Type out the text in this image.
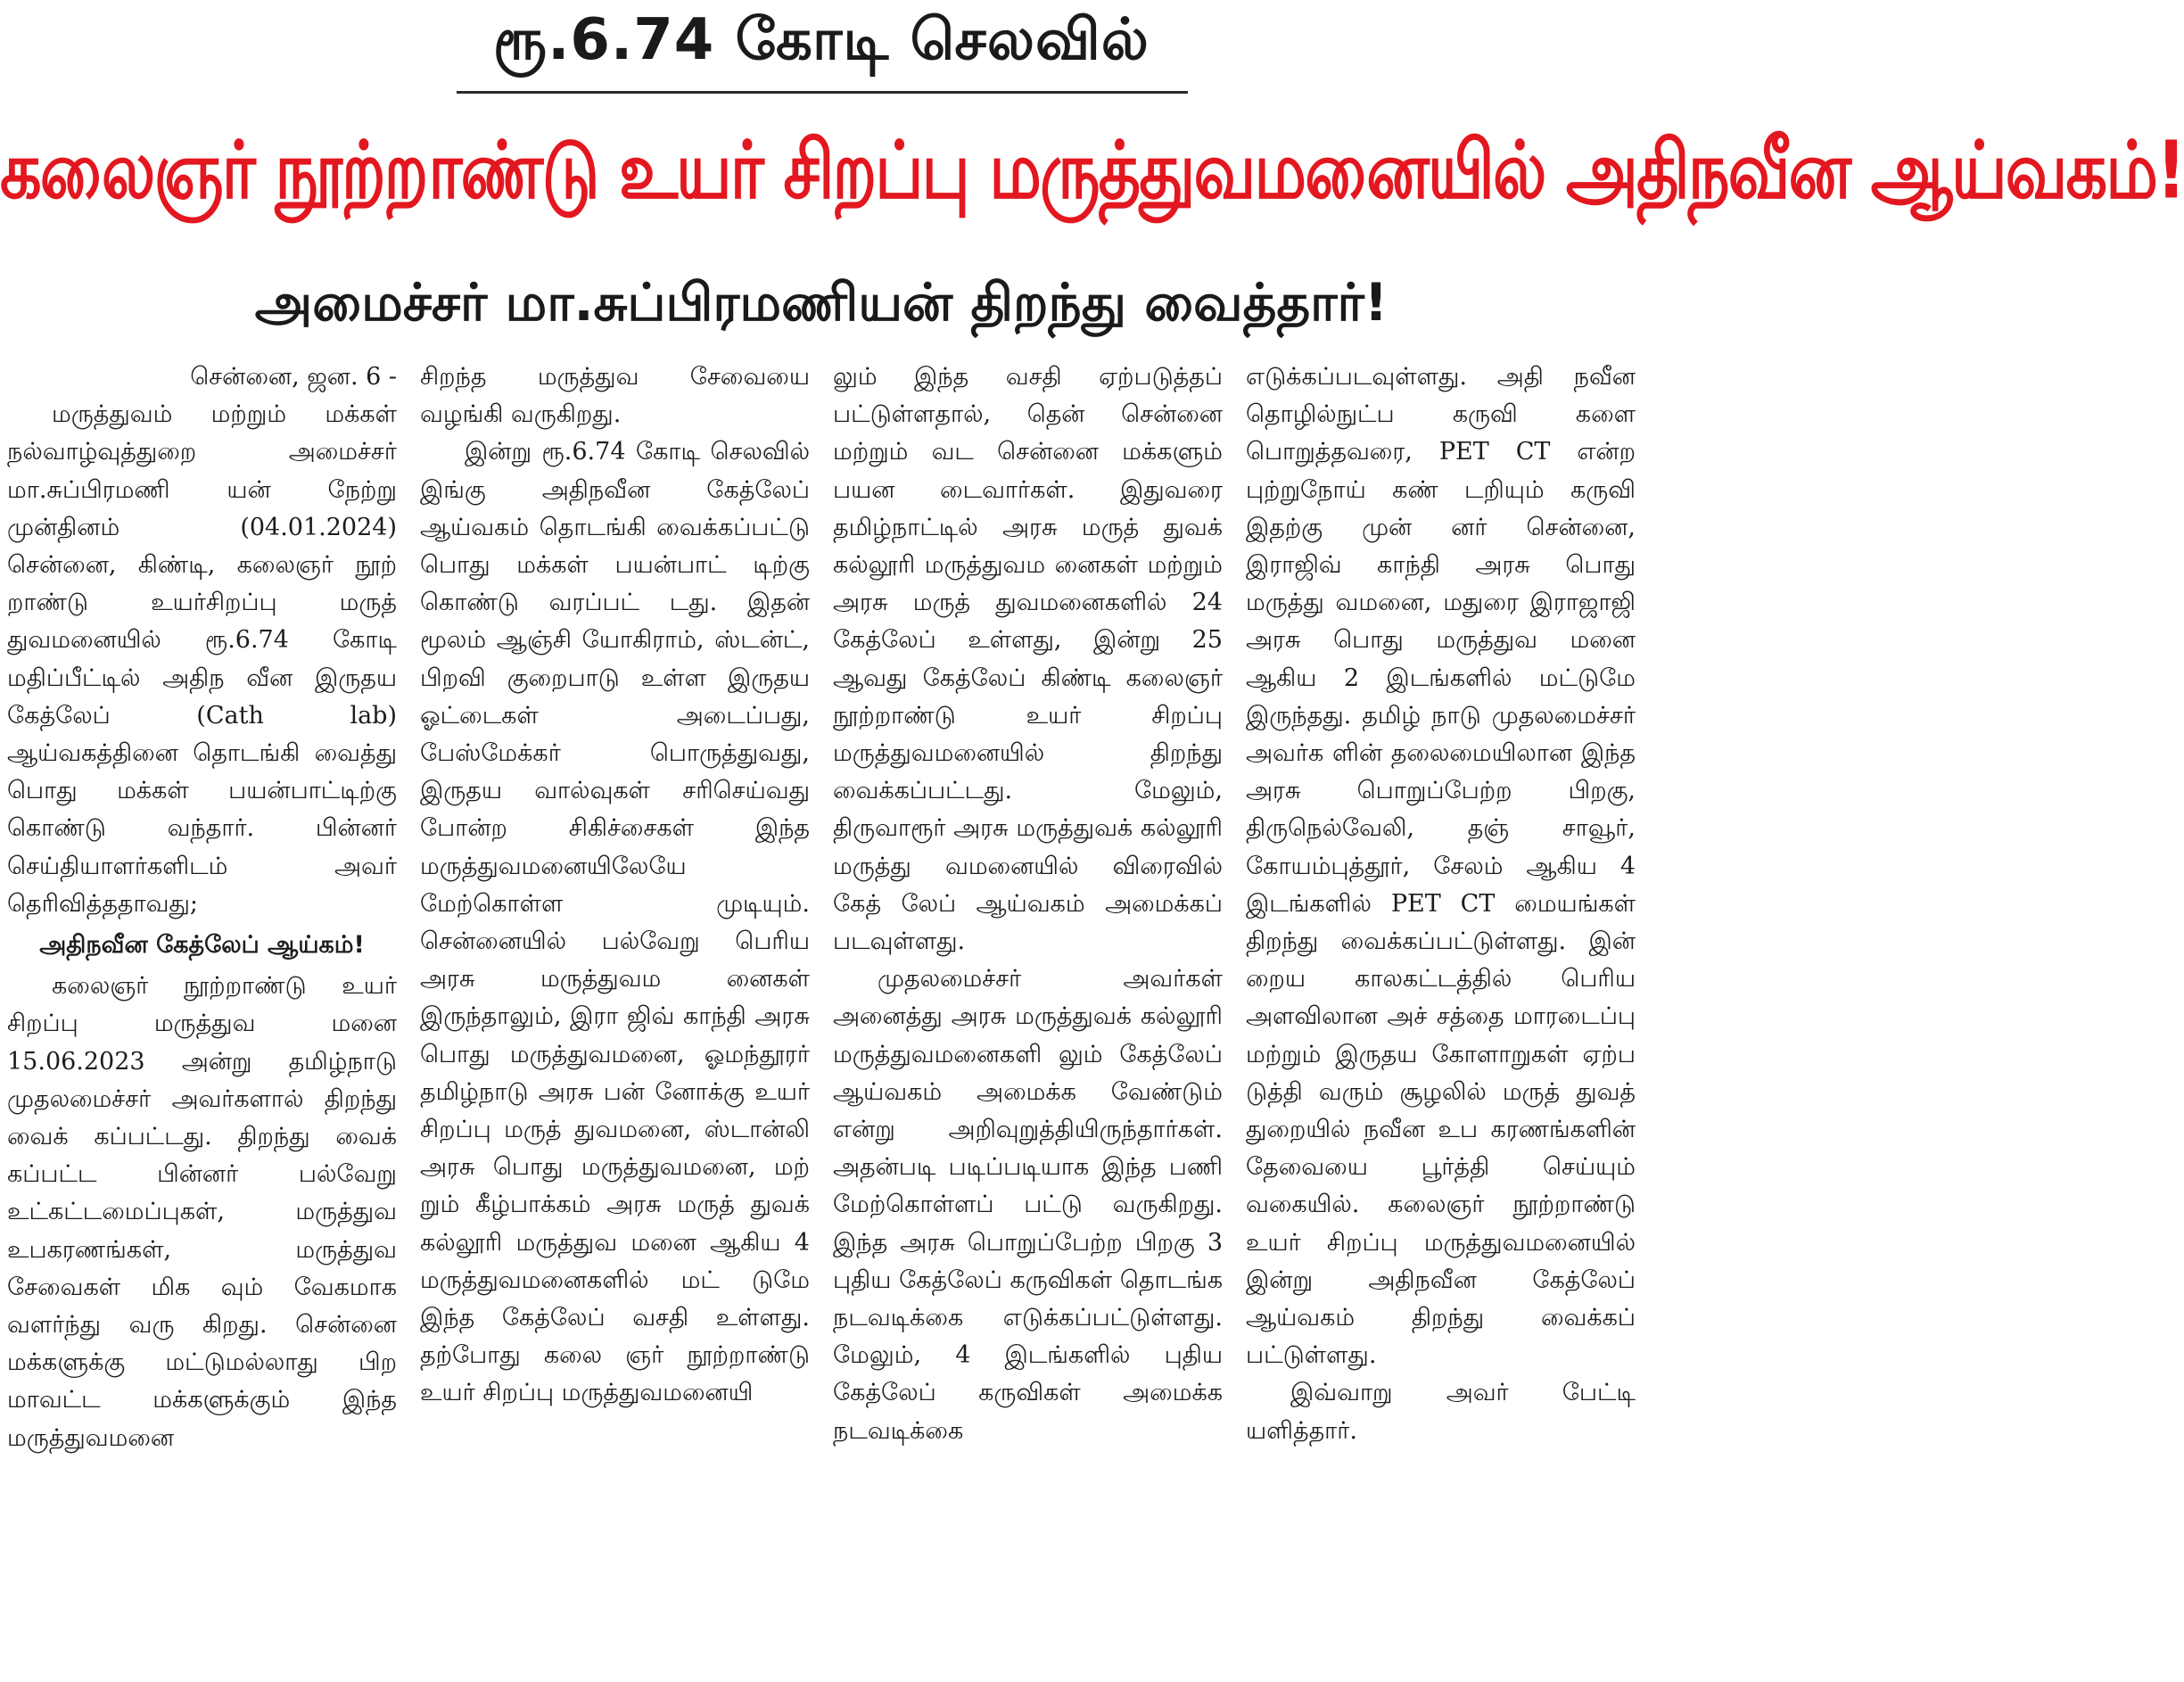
ரூ.6.74 கோடி செலவில்
கலைஞர் நூற்றாண்டு உயர் சிறப்பு மருத்துவமனையில் அதிநவீன ஆய்வகம்!
அமைச்சர் மா.சுப்பிரமணியன் திறந்து வைத்தார்!

சென்னை, ஜன. 6 -

மருத்துவம் மற்றும் மக்கள் நல்வாழ்வுத்துறை அமைச்சர் மா.சுப்பிரமணி யன் நேற்று முன்தினம் (04.01.2024) சென்னை, கிண்டி, கலைஞர் நூற் றாண்டு உயர்சிறப்பு மருத் துவமனையில் ரூ.6.74 கோடி மதிப்பீட்டில் அதிந வீன இருதய கேத்லேப் (Cath lab) ஆய்வகத்தினை தொடங்கி வைத்து பொது மக்கள் பயன்பாட்டிற்கு கொண்டு வந்தார். பின்னர் செய்தியாளர்களிடம் அவர் தெரிவித்ததாவது;

அதிநவீன கேத்லேப் ஆய்கம்!

கலைஞர் நூற்றாண்டு உயர் சிறப்பு மருத்துவ மனை 15.06.2023 அன்று தமிழ்நாடு முதலமைச்சர் அவர்களால் திறந்து வைக் கப்பட்டது. திறந்து வைக் கப்பட்ட பின்னர் பல்வேறு உட்கட்டமைப்புகள், மருத்துவ உபகரணங்கள், மருத்துவ சேவைகள் மிக வும் வேகமாக வளர்ந்து வரு கிறது. சென்னை மக்களுக்கு மட்டுமல்லாது பிற மாவட்ட மக்களுக்கும் இந்த மருத்துவமனை

சிறந்த மருத்துவ சேவையை வழங்கி வருகிறது.

இன்று ரூ.6.74 கோடி செலவில் இங்கு அதிநவீன கேத்லேப் ஆய்வகம் தொடங்கி வைக்கப்பட்டு பொது மக்கள் பயன்பாட் டிற்கு கொண்டு வரப்பட் டது. இதன் மூலம் ஆஞ்சி யோகிராம், ஸ்டன்ட், பிறவி குறைபாடு உள்ள இருதய ஓட்டைகள் அடைப்பது, பேஸ்மேக்கர் பொருத்துவது, இருதய வால்வுகள் சரிசெய்வது போன்ற சிகிச்சைகள் இந்த மருத்துவமனையிலேயே மேற்கொள்ள முடியும். சென்னையில் பல்வேறு பெரிய அரசு மருத்துவம னைகள் இருந்தாலும், இரா ஜிவ் காந்தி அரசு பொது மருத்துவமனை, ஓமந்தூரர் தமிழ்நாடு அரசு பன் னோக்கு உயர் சிறப்பு மருத் துவமனை, ஸ்டான்லி அரசு பொது மருத்துவமனை, மற் றும் கீழ்பாக்கம் அரசு மருத் துவக் கல்லூரி மருத்துவ மனை ஆகிய 4 மருத்துவமனைகளில் மட் டுமே இந்த கேத்லேப் வசதி உள்ளது. தற்போது கலை ஞர் நூற்றாண்டு உயர் சிறப்பு மருத்துவமனையி

லும் இந்த வசதி ஏற்படுத்தப் பட்டுள்ளதால், தென் சென்னை மற்றும் வட சென்னை மக்களும் பயன டைவார்கள். இதுவரை தமிழ்நாட்டில் அரசு மருத் துவக் கல்லூரி மருத்துவம னைகள் மற்றும் அரசு மருத் துவமனைகளில் 24 கேத்லேப் உள்ளது, இன்று 25 ஆவது கேத்லேப் கிண்டி கலைஞர் நூற்றாண்டு உயர் சிறப்பு மருத்துவமனையில் திறந்து வைக்கப்பட்டது. மேலும், திருவாரூர் அரசு மருத்துவக் கல்லூரி மருத்து வமனையில் விரைவில் கேத் லேப் ஆய்வகம் அமைக்கப் படவுள்ளது.

முதலமைச்சர் அவர்கள் அனைத்து அரசு மருத்துவக் கல்லூரி மருத்துவமனைகளி லும் கேத்லேப் ஆய்வகம் அமைக்க வேண்டும் என்று அறிவுறுத்தியிருந்தார்கள். அதன்படி படிப்படியாக இந்த பணி மேற்கொள்ளப் பட்டு வருகிறது. இந்த அரசு பொறுப்பேற்ற பிறகு 3 புதிய கேத்லேப் கருவிகள் தொடங்க நடவடிக்கை எடுக்கப்பட்டுள்ளது. மேலும், 4 இடங்களில் புதிய கேத்லேப் கருவிகள் அமைக்க நடவடிக்கை

எடுக்கப்படவுள்ளது. அதி நவீன தொழில்நுட்ப கருவி களை பொறுத்தவரை, PET CT என்ற புற்றுநோய் கண் டறியும் கருவி இதற்கு முன் னர் சென்னை, இராஜிவ் காந்தி அரசு பொது மருத்து வமனை, மதுரை இராஜாஜி அரசு பொது மருத்துவ மனை ஆகிய 2 இடங்களில் மட்டுமே இருந்தது. தமிழ் நாடு முதலமைச்சர் அவர்க ளின் தலைமையிலான இந்த அரசு பொறுப்பேற்ற பிறகு, திருநெல்வேலி, தஞ் சாவூர், கோயம்புத்தூர், சேலம் ஆகிய 4 இடங்களில் PET CT மையங்கள் திறந்து வைக்கப்பட்டுள்ளது. இன் றைய காலகட்டத்தில் பெரிய அளவிலான அச் சத்தை மாரடைப்பு மற்றும் இருதய கோளாறுகள் ஏற்ப டுத்தி வரும் சூழலில் மருத் துவத் துறையில் நவீன உப கரணங்களின் தேவையை பூர்த்தி செய்யும் வகையில். கலைஞர் நூற்றாண்டு உயர் சிறப்பு மருத்துவமனையில் இன்று அதிநவீன கேத்லேப் ஆய்வகம் திறந்து வைக்கப் பட்டுள்ளது.

இவ்வாறு அவர் பேட்டி யளித்தார்.
